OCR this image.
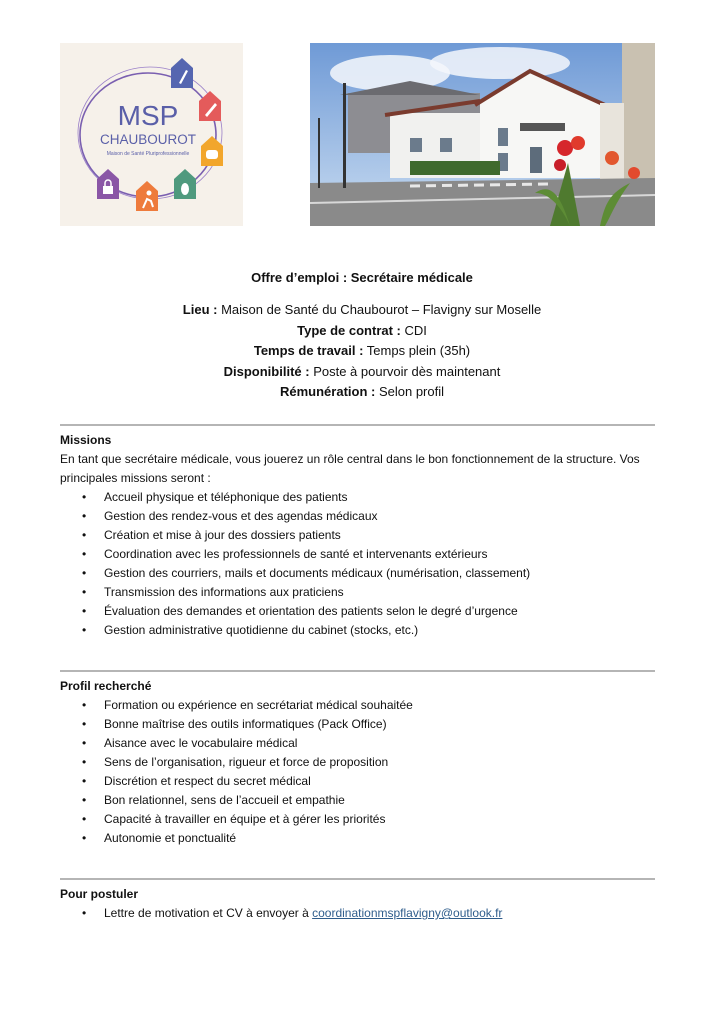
MSP
CHAUBOUROT
Maison de Santé Pluriprofessionnelle
Offre d’emploi : Secrétaire médicale
Lieu : Maison de Santé du Chaubourot – Flavigny sur Moselle
Type de contrat : CDI
Temps de travail : Temps plein (35h)
Disponibilité : Poste à pourvoir dès maintenant
Rémunération : Selon profil
Missions
En tant que secrétaire médicale, vous jouerez un rôle central dans le bon fonctionnement de la structure. Vos principales missions seront :
• Accueil physique et téléphonique des patients
• Gestion des rendez-vous et des agendas médicaux
• Création et mise à jour des dossiers patients
• Coordination avec les professionnels de santé et intervenants extérieurs
• Gestion des courriers, mails et documents médicaux (numérisation, classement)
• Transmission des informations aux praticiens
• Évaluation des demandes et orientation des patients selon le degré d’urgence
• Gestion administrative quotidienne du cabinet (stocks, etc.)
Profil recherché
• Formation ou expérience en secrétariat médical souhaitée
• Bonne maîtrise des outils informatiques (Pack Office)
• Aisance avec le vocabulaire médical
• Sens de l’organisation, rigueur et force de proposition
• Discrétion et respect du secret médical
• Bon relationnel, sens de l’accueil et empathie
• Capacité à travailler en équipe et à gérer les priorités
• Autonomie et ponctualité
Pour postuler
• Lettre de motivation et CV à envoyer à coordinationmspflavigny@outlook.fr
